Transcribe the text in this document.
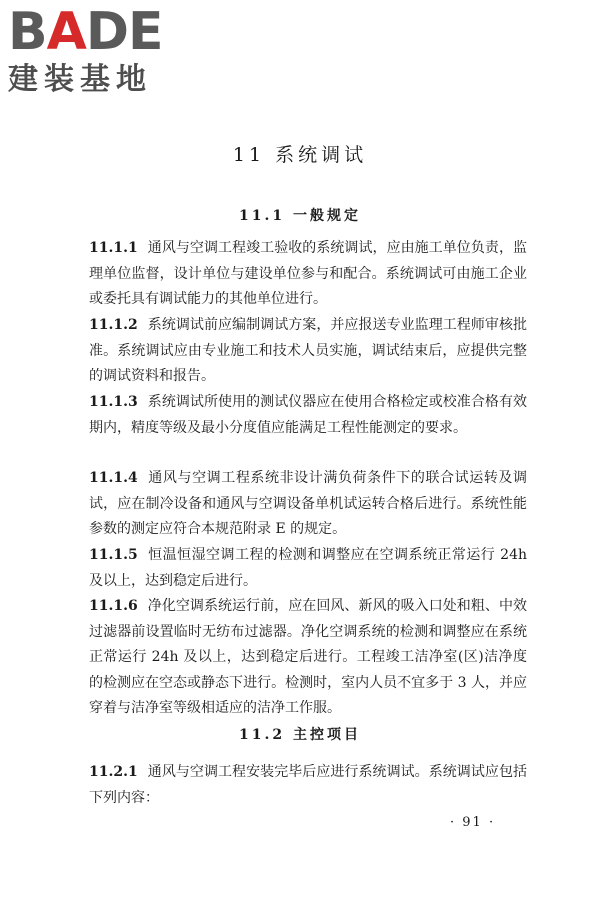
BADE
建装基地
11 系统调试
11.1 一般规定

11.1.1 通风与空调工程竣工验收的系统调试，应由施工单位负责，监理单位监督，设计单位与建设单位参与和配合。系统调试可由施工企业或委托具有调试能力的其他单位进行。

11.1.2 系统调试前应编制调试方案，并应报送专业监理工程师审核批准。系统调试应由专业施工和技术人员实施，调试结束后，应提供完整的调试资料和报告。

11.1.3 系统调试所使用的测试仪器应在使用合格检定或校准合格有效期内，精度等级及最小分度值应能满足工程性能测定的要求。

11.1.4 通风与空调工程系统非设计满负荷条件下的联合试运转及调试，应在制冷设备和通风与空调设备单机试运转合格后进行。系统性能参数的测定应符合本规范附录 E 的规定。

11.1.5 恒温恒湿空调工程的检测和调整应在空调系统正常运行 24h 及以上，达到稳定后进行。

11.1.6 净化空调系统运行前，应在回风、新风的吸入口处和粗、中效过滤器前设置临时无纺布过滤器。净化空调系统的检测和调整应在系统正常运行 24h 及以上，达到稳定后进行。工程竣工洁净室(区)洁净度的检测应在空态或静态下进行。检测时，室内人员不宜多于 3 人，并应穿着与洁净室等级相适应的洁净工作服。

11.2 主控项目

11.2.1 通风与空调工程安装完毕后应进行系统调试。系统调试应包括下列内容：

· 91 ·
